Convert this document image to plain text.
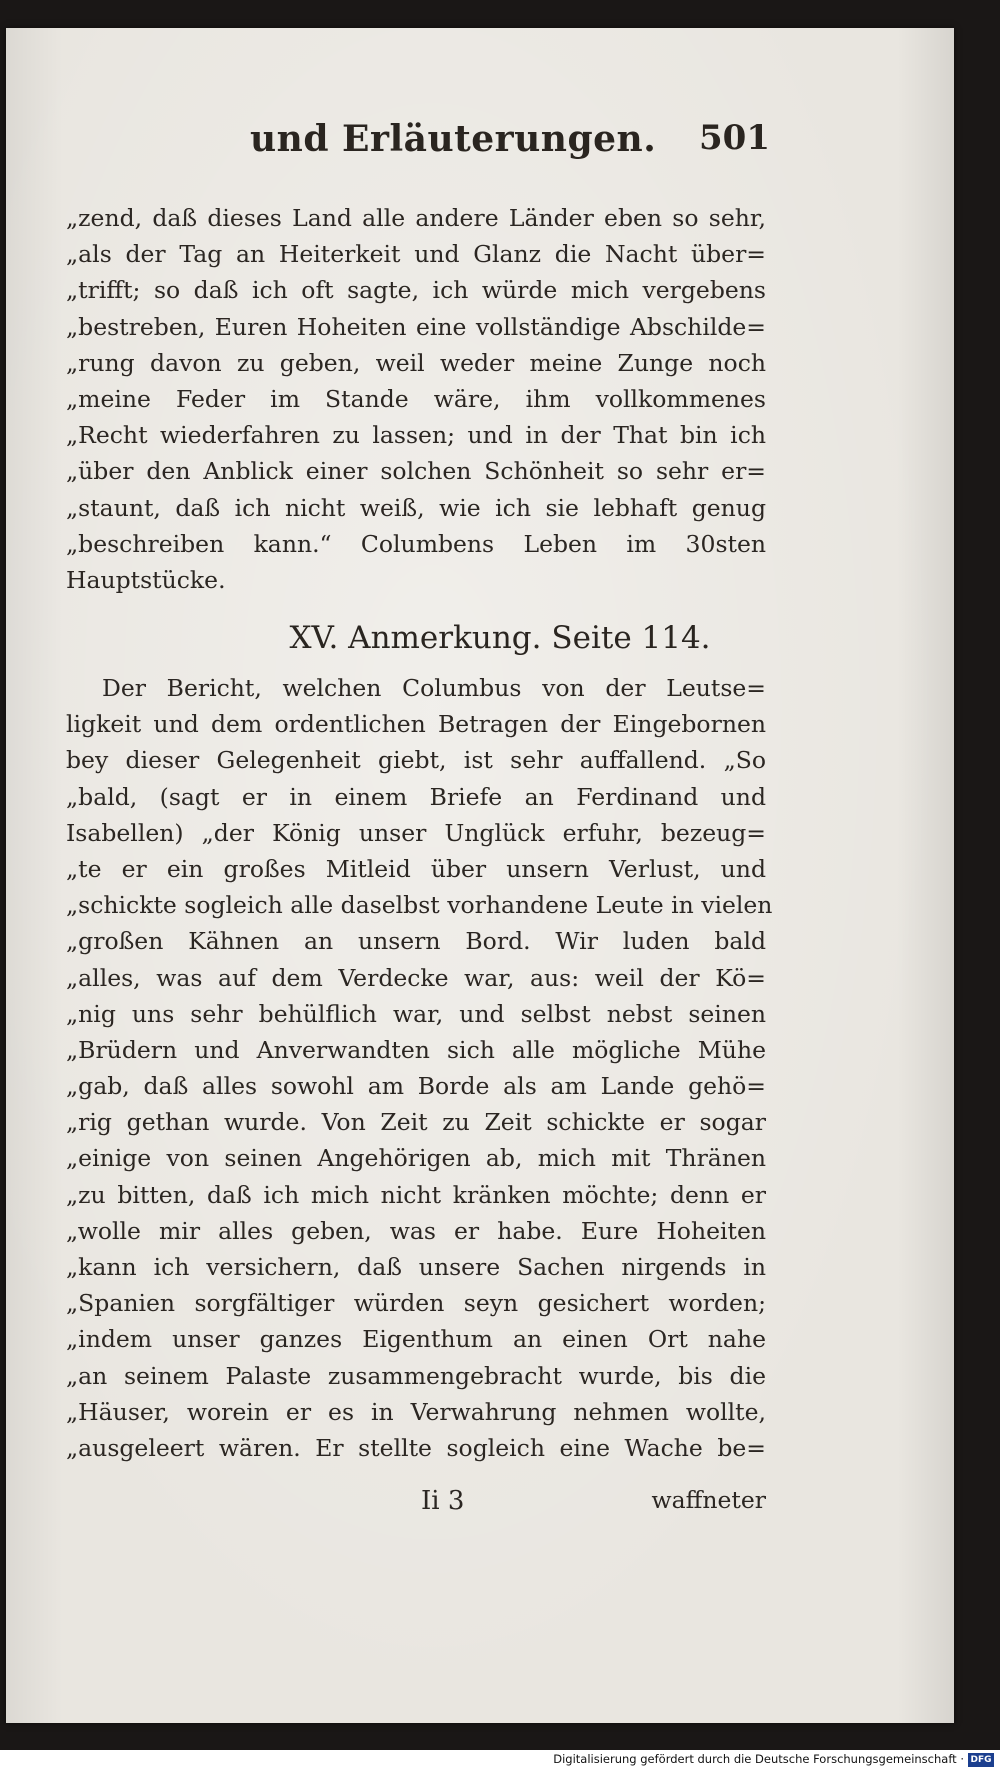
und Erläuterungen. 501
„zend, daß dieses Land alle andere Länder eben so sehr,
„als der Tag an Heiterkeit und Glanz die Nacht über=
„trifft; so daß ich oft sagte, ich würde mich vergebens
„bestreben, Euren Hoheiten eine vollständige Abschilde=
„rung davon zu geben, weil weder meine Zunge noch
„meine Feder im Stande wäre, ihm vollkommenes
„Recht wiederfahren zu lassen; und in der That bin ich
„über den Anblick einer solchen Schönheit so sehr er=
„staunt, daß ich nicht weiß, wie ich sie lebhaft genug
„beschreiben kann.“ Columbens Leben im 30sten
Hauptstücke.
XV. Anmerkung. Seite 114.
Der Bericht, welchen Columbus von der Leutse=
ligkeit und dem ordentlichen Betragen der Eingebornen
bey dieser Gelegenheit giebt, ist sehr auffallend. „So
„bald, (sagt er in einem Briefe an Ferdinand und
Isabellen) „der König unser Unglück erfuhr, bezeug=
„te er ein großes Mitleid über unsern Verlust, und
„schickte sogleich alle daselbst vorhandene Leute in vielen
„großen Kähnen an unsern Bord. Wir luden bald
„alles, was auf dem Verdecke war, aus: weil der Kö=
„nig uns sehr behülflich war, und selbst nebst seinen
„Brüdern und Anverwandten sich alle mögliche Mühe
„gab, daß alles sowohl am Borde als am Lande gehö=
„rig gethan wurde. Von Zeit zu Zeit schickte er sogar
„einige von seinen Angehörigen ab, mich mit Thränen
„zu bitten, daß ich mich nicht kränken möchte; denn er
„wolle mir alles geben, was er habe. Eure Hoheiten
„kann ich versichern, daß unsere Sachen nirgends in
„Spanien sorgfältiger würden seyn gesichert worden;
„indem unser ganzes Eigenthum an einen Ort nahe
„an seinem Palaste zusammengebracht wurde, bis die
„Häuser, worein er es in Verwahrung nehmen wollte,
„ausgeleert wären. Er stellte sogleich eine Wache be=
Ii 3	waffneter
Digitalisierung gefördert durch die Deutsche Forschungsgemeinschaft · DFG
